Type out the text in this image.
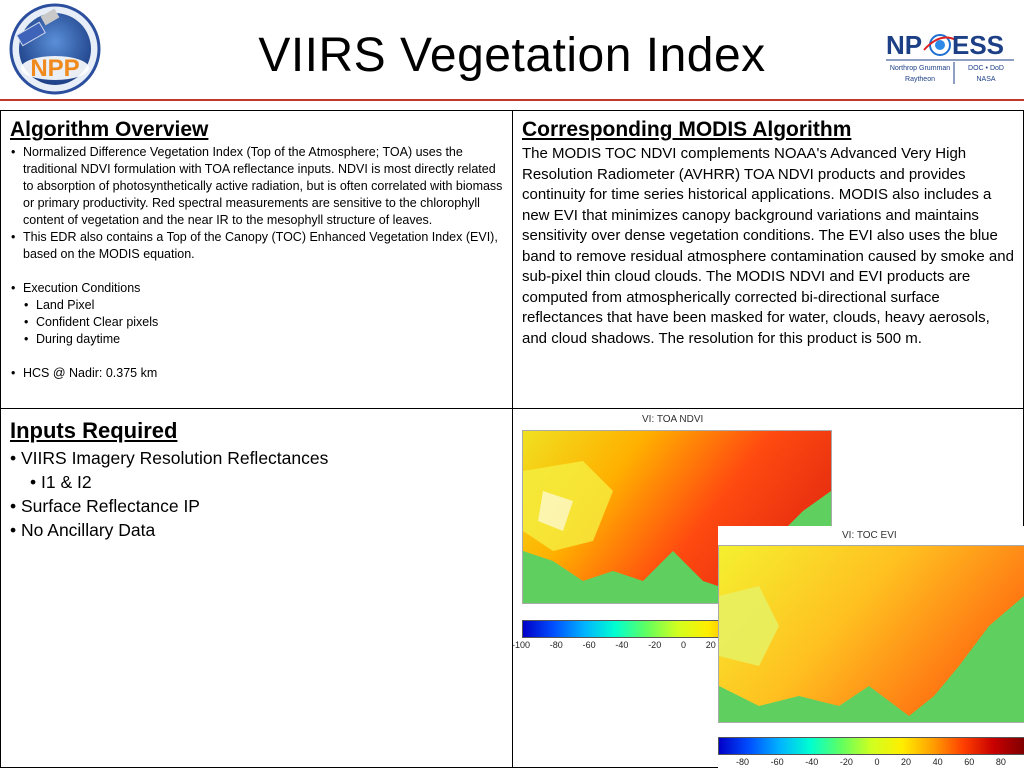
NPP	VIIRS Vegetation Index	NP ESS
Northrop Grumman
Raytheon
DOC • DoD
NASA
Algorithm Overview
• Normalized Difference Vegetation Index (Top of the Atmosphere; TOA) uses the traditional NDVI formulation with TOA reflectance inputs. NDVI is most directly related to absorption of photosynthetically active radiation, but is often correlated with biomass or primary productivity. Red spectral measurements are sensitive to the chlorophyll content of vegetation and the near IR to the mesophyll structure of leaves.
• This EDR also contains a Top of the Canopy (TOC) Enhanced Vegetation Index (EVI), based on the MODIS equation.
• Execution Conditions
• Land Pixel
• Confident Clear pixels
• During daytime
• HCS @ Nadir: 0.375 km
Corresponding MODIS Algorithm

The MODIS TOC NDVI complements NOAA's Advanced Very High Resolution Radiometer (AVHRR) TOA NDVI products and provides continuity for time series historical applications. MODIS also includes a new EVI that minimizes canopy background variations and maintains sensitivity over dense vegetation conditions. The EVI also uses the blue band to remove residual atmosphere contamination caused by smoke and sub-pixel thin cloud clouds. The MODIS NDVI and EVI products are computed from atmospherically corrected bi-directional surface reflectances that have been masked for water, clouds, heavy aerosols, and cloud shadows. The resolution for this product is 500 m.

Inputs Required
• VIIRS Imagery Resolution Reflectances
• I1 & I2
• Surface Reflectance IP
• No Ancillary Data
VI: TOA NDVI
-100 -80 -60 -40 -20 0 20
VI: TOC EVI
-80 -60 -40 -20 0 20 40 60 80
